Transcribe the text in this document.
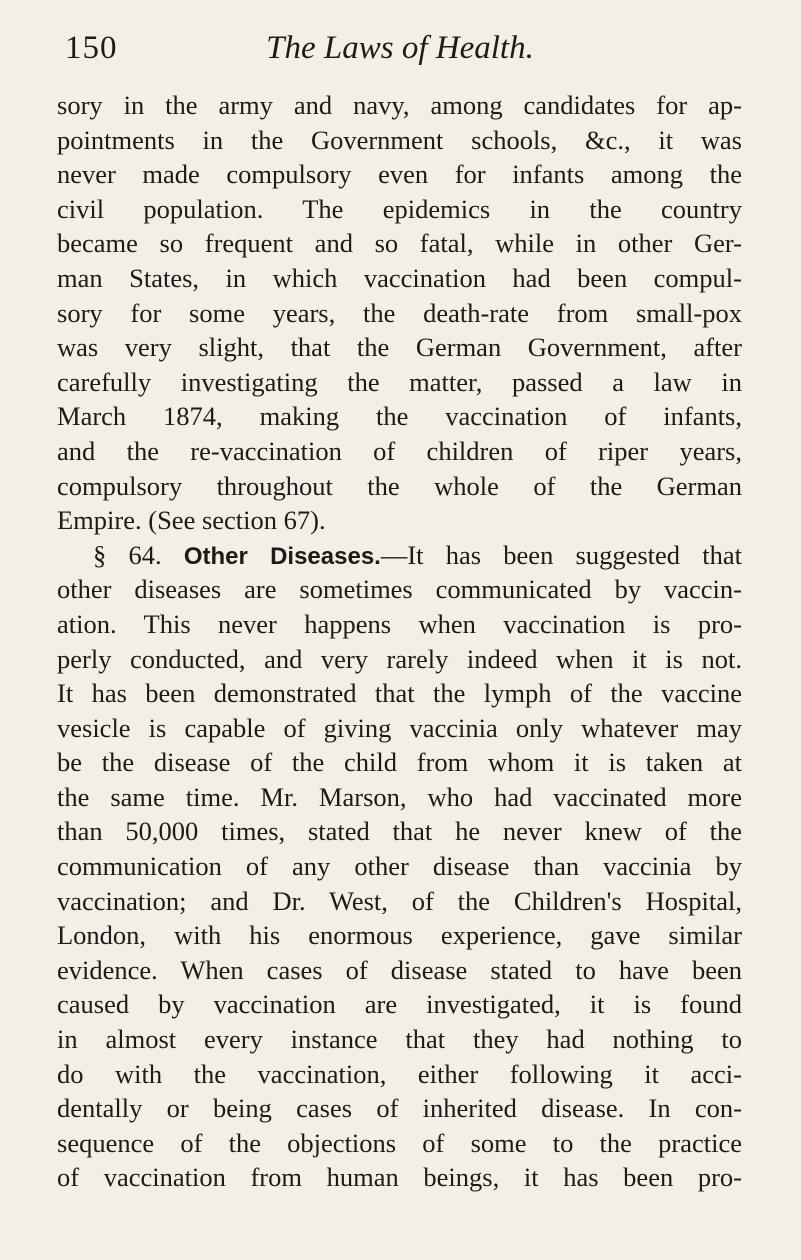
150	The Laws of Health.
sory in the army and navy, among candidates for ap-
pointments in the Government schools, &c., it was
never made compulsory even for infants among the
civil population. The epidemics in the country
became so frequent and so fatal, while in other Ger-
man States, in which vaccination had been compul-
sory for some years, the death-rate from small-pox
was very slight, that the German Government, after
carefully investigating the matter, passed a law in
March 1874, making the vaccination of infants,
and the re-vaccination of children of riper years,
compulsory throughout the whole of the German
Empire. (See section 67).
§ 64. Other Diseases.—It has been suggested that
other diseases are sometimes communicated by vaccin-
ation. This never happens when vaccination is pro-
perly conducted, and very rarely indeed when it is not.
It has been demonstrated that the lymph of the vaccine
vesicle is capable of giving vaccinia only whatever may
be the disease of the child from whom it is taken at
the same time. Mr. Marson, who had vaccinated more
than 50,000 times, stated that he never knew of the
communication of any other disease than vaccinia by
vaccination; and Dr. West, of the Children's Hospital,
London, with his enormous experience, gave similar
evidence. When cases of disease stated to have been
caused by vaccination are investigated, it is found
in almost every instance that they had nothing to
do with the vaccination, either following it acci-
dentally or being cases of inherited disease. In con-
sequence of the objections of some to the practice
of vaccination from human beings, it has been pro-
